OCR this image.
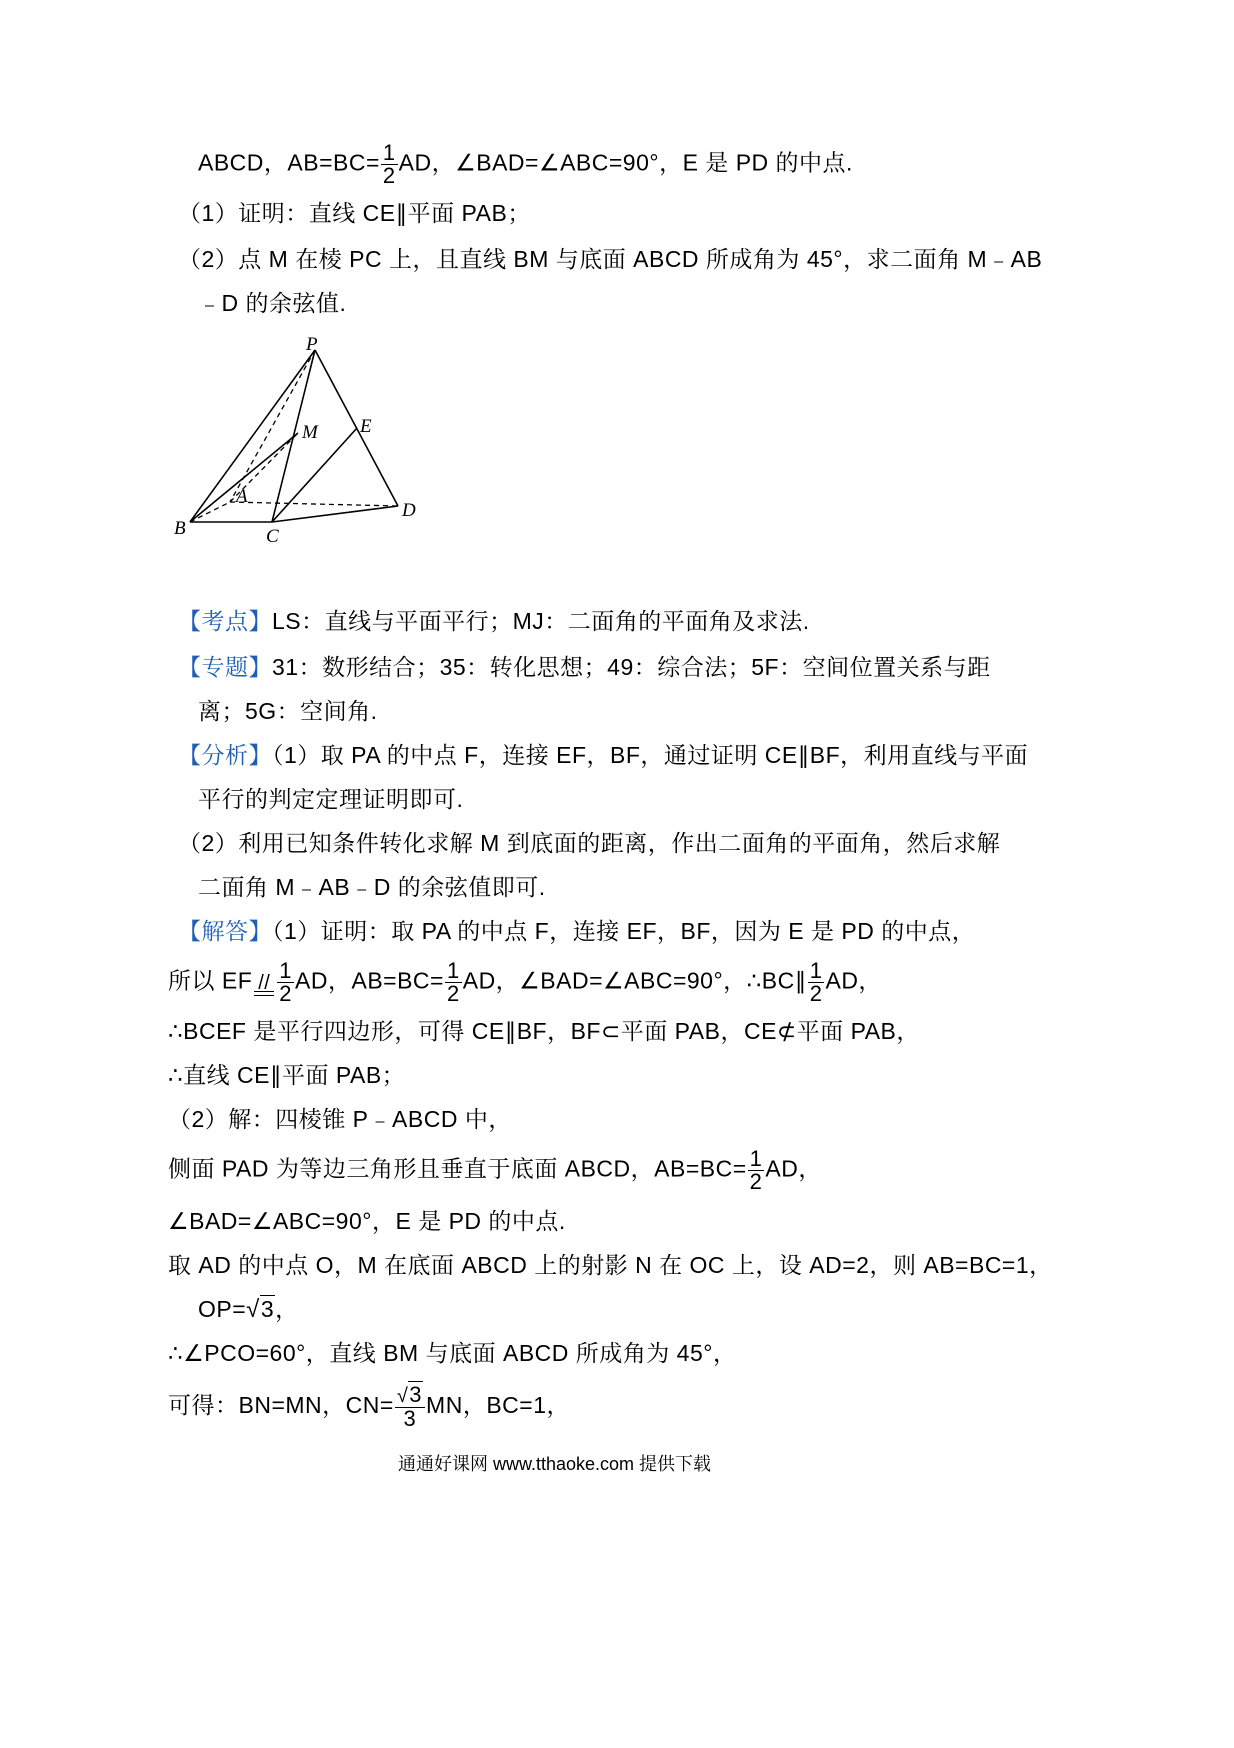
ABCD，$AB=BC= \frac{1}{2}$ AD，∠BAD=∠ABC=90°，E 是 PD 的中点.
（1）证明：直线 CE∥平面 PAB；
（2）点 M 在棱 PC 上，且直线 BM 与底面 ABCD 所成角为 45°，求二面角 M﹣AB
﹣D 的余弦值.
P
M E
A
B	C
D
【考点】LS：直线与平面平行；MJ：二面角的平面角及求法.
【专题】31：数形结合；35：转化思想；49：综合法；5F：空间位置关系与距
离；5G：空间角.
【分析】（1）取 PA 的中点 F，连接 EF，BF，通过证明 CE∥BF，利用直线与平面
平行的判定定理证明即可.
（2）利用已知条件转化求解 M 到底面的距离，作出二面角的平面角，然后求解
二面角 M﹣AB﹣D 的余弦值即可.
【解答】（1）证明：取 PA 的中点 F，连接 EF，BF，因为 E 是 PD 的中点，
所以 EF // $\frac{1}{2}$ AD，$AB=BC= \frac{1}{2}$ AD，∠BAD=∠ABC=90°，∴BC∥ $\frac{1}{2}$ AD，
∴BCEF 是平行四边形，可得 CE∥BF，BF⊂平面 PAB，CE⊄平面 PAB，
∴直线 CE∥平面 PAB；
（2）解：四棱锥 P﹣ABCD 中，
侧面 PAD 为等边三角形且垂直于底面 ABCD，$AB=BC= \frac{1}{2}$ AD，
∠BAD=∠ABC=90°，E 是 PD 的中点.
取 AD 的中点 O，M 在底面 ABCD 上的射影 N 在 OC 上，设 AD=2，则 AB=BC=1，
OP=√3，
∴∠PCO=60°，直线 BM 与底面 ABCD 所成角为 45°，
可得：BN=MN，$CN= \frac{√3}{3}$ MN，BC=1，
通通好课网 www.tthaoke.com 提供下载
